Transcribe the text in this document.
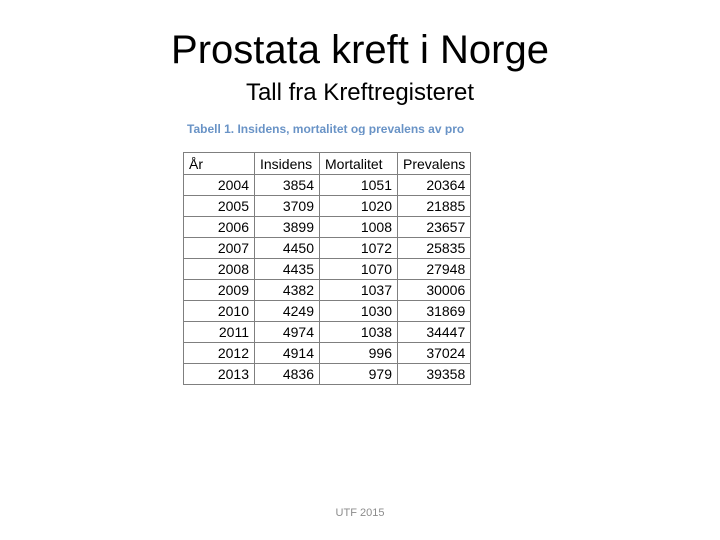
Prostata kreft i Norge
Tall fra Kreftregisteret
Tabell 1. Insidens, mortalitet og prevalens av pro
År	Insidens	Mortalitet	Prevalens
2004	3854	1051	20364
2005	3709	1020	21885
2006	3899	1008	23657
2007	4450	1072	25835
2008	4435	1070	27948
2009	4382	1037	30006
2010	4249	1030	31869
2011	4974	1038	34447
2012	4914	996	37024
2013	4836	979	39358
UTF 2015
